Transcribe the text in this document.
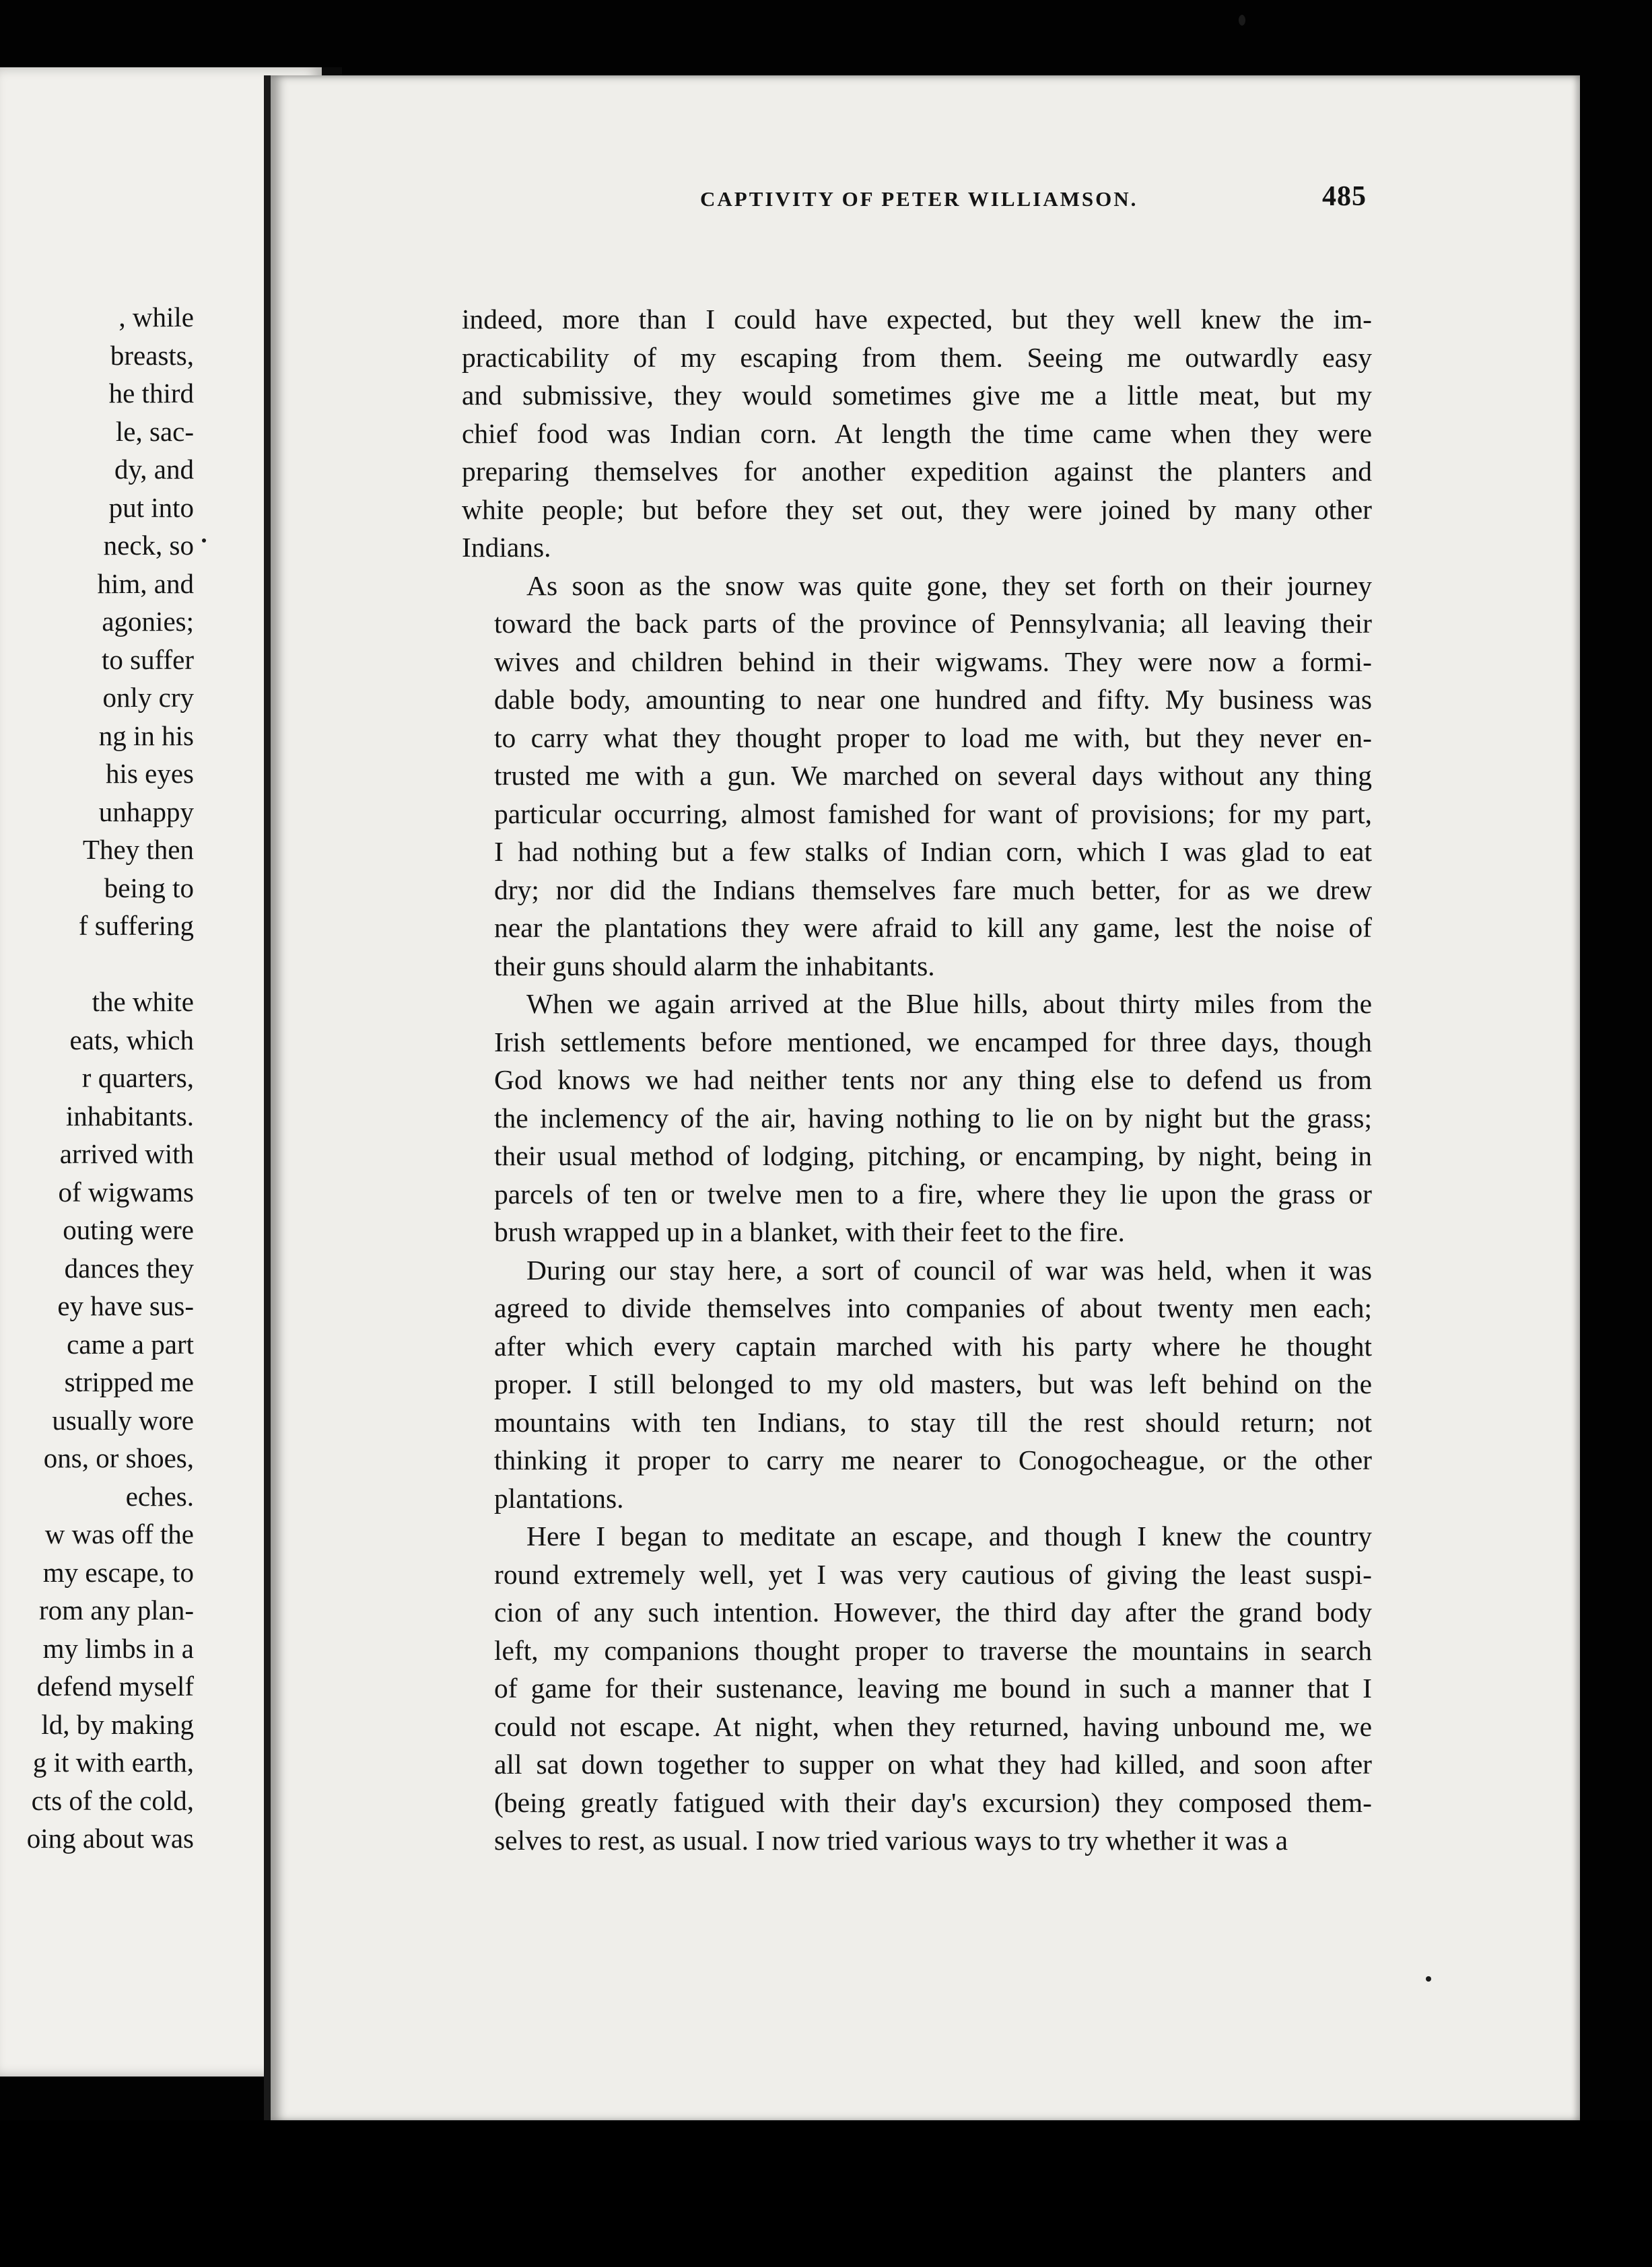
, while
breasts,
he third
le, sac-
dy, and
put into
neck, so
him, and
agonies;
to suffer
only cry
ng in his
his eyes
unhappy
They then
being to
f suffering

the white
eats, which
r quarters,
inhabitants.
arrived with
of wigwams
outing were
dances they
ey have sus-
came a part
stripped me
usually wore
ons, or shoes,
eches.
w was off the
my escape, to
rom any plan-
my limbs in a
defend myself
ld, by making
g it with earth,
cts of the cold,
oing about was
CAPTIVITY OF PETER WILLIAMSON.	485
indeed, more than I could have expected, but they well knew the im-
practicability of my escaping from them. Seeing me outwardly easy
and submissive, they would sometimes give me a little meat, but my
chief food was Indian corn. At length the time came when they were
preparing themselves for another expedition against the planters and
white people; but before they set out, they were joined by many other
Indians.
As soon as the snow was quite gone, they set forth on their journey
toward the back parts of the province of Pennsylvania; all leaving their
wives and children behind in their wigwams. They were now a formi-
dable body, amounting to near one hundred and fifty. My business was
to carry what they thought proper to load me with, but they never en-
trusted me with a gun. We marched on several days without any thing
particular occurring, almost famished for want of provisions; for my part,
I had nothing but a few stalks of Indian corn, which I was glad to eat
dry; nor did the Indians themselves fare much better, for as we drew
near the plantations they were afraid to kill any game, lest the noise of
their guns should alarm the inhabitants.
When we again arrived at the Blue hills, about thirty miles from the
Irish settlements before mentioned, we encamped for three days, though
God knows we had neither tents nor any thing else to defend us from
the inclemency of the air, having nothing to lie on by night but the grass;
their usual method of lodging, pitching, or encamping, by night, being in
parcels of ten or twelve men to a fire, where they lie upon the grass or
brush wrapped up in a blanket, with their feet to the fire.
During our stay here, a sort of council of war was held, when it was
agreed to divide themselves into companies of about twenty men each;
after which every captain marched with his party where he thought
proper. I still belonged to my old masters, but was left behind on the
mountains with ten Indians, to stay till the rest should return; not
thinking it proper to carry me nearer to Conogocheague, or the other
plantations.
Here I began to meditate an escape, and though I knew the country
round extremely well, yet I was very cautious of giving the least suspi-
cion of any such intention. However, the third day after the grand body
left, my companions thought proper to traverse the mountains in search
of game for their sustenance, leaving me bound in such a manner that I
could not escape. At night, when they returned, having unbound me, we
all sat down together to supper on what they had killed, and soon after
(being greatly fatigued with their day's excursion) they composed them-
selves to rest, as usual. I now tried various ways to try whether it was a
